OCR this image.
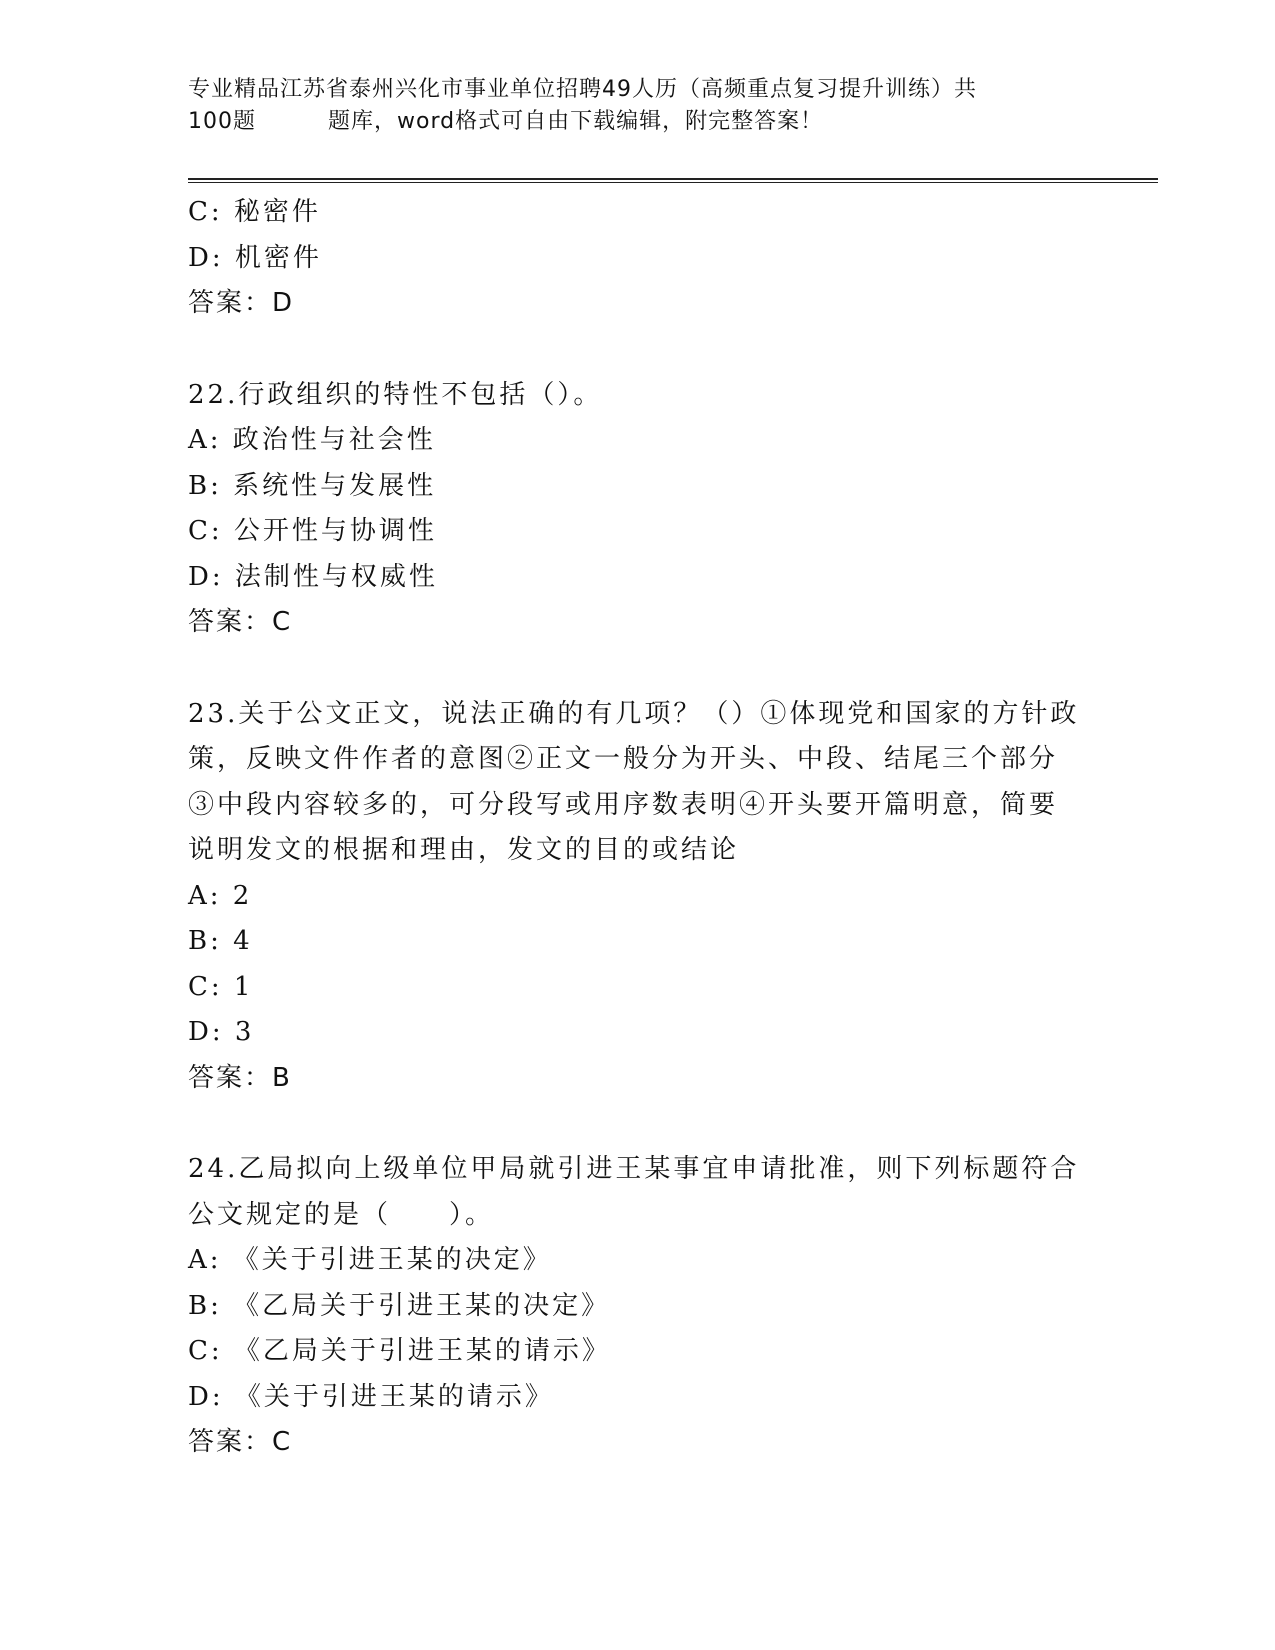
专业精品江苏省泰州兴化市事业单位招聘49人历（高频重点复习提升训练）共
100题	题库，word格式可自由下载编辑，附完整答案！
C: 秘密件
D: 机密件
答案：D
22.行政组织的特性不包括（）。
A: 政治性与社会性
B: 系统性与发展性
C: 公开性与协调性
D: 法制性与权威性
答案：C
23.关于公文正文，说法正确的有几项？（）①体现党和国家的方针政
策，反映文件作者的意图②正文一般分为开头、中段、结尾三个部分
③中段内容较多的，可分段写或用序数表明④开头要开篇明意，简要
说明发文的根据和理由，发文的目的或结论
A: 2
B: 4
C: 1
D: 3
答案：B
24.乙局拟向上级单位甲局就引进王某事宜申请批准，则下列标题符合
公文规定的是（　　）。
A: 《关于引进王某的决定》
B: 《乙局关于引进王某的决定》
C: 《乙局关于引进王某的请示》
D: 《关于引进王某的请示》
答案：C
